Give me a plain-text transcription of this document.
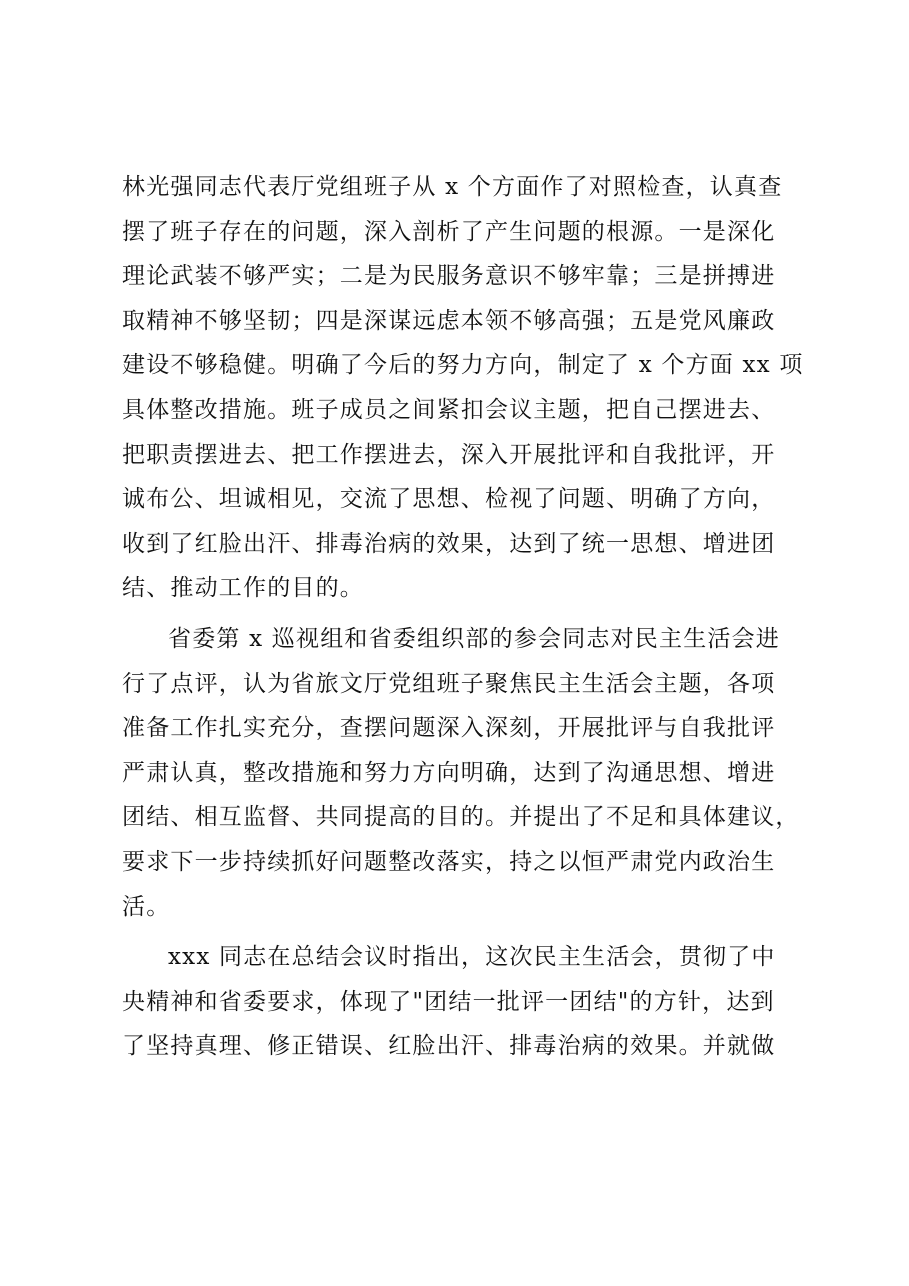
林光强同志代表厅党组班子从 x 个方面作了对照检查，认真查
摆了班子存在的问题，深入剖析了产生问题的根源。一是深化
理论武装不够严实；二是为民服务意识不够牢靠；三是拼搏进
取精神不够坚韧；四是深谋远虑本领不够高强；五是党风廉政
建设不够稳健。明确了今后的努力方向，制定了 x 个方面 xx 项
具体整改措施。班子成员之间紧扣会议主题，把自己摆进去、
把职责摆进去、把工作摆进去，深入开展批评和自我批评，开
诚布公、坦诚相见，交流了思想、检视了问题、明确了方向，
收到了红脸出汗、排毒治病的效果，达到了统一思想、增进团
结、推动工作的目的。
省委第 x 巡视组和省委组织部的参会同志对民主生活会进
行了点评，认为省旅文厅党组班子聚焦民主生活会主题，各项
准备工作扎实充分，查摆问题深入深刻，开展批评与自我批评
严肃认真，整改措施和努力方向明确，达到了沟通思想、增进
团结、相互监督、共同提高的目的。并提出了不足和具体建议，
要求下一步持续抓好问题整改落实，持之以恒严肃党内政治生
活。
xxx 同志在总结会议时指出，这次民主生活会，贯彻了中
央精神和省委要求，体现了"团结一批评一团结"的方针，达到
了坚持真理、修正错误、红脸出汗、排毒治病的效果。并就做
